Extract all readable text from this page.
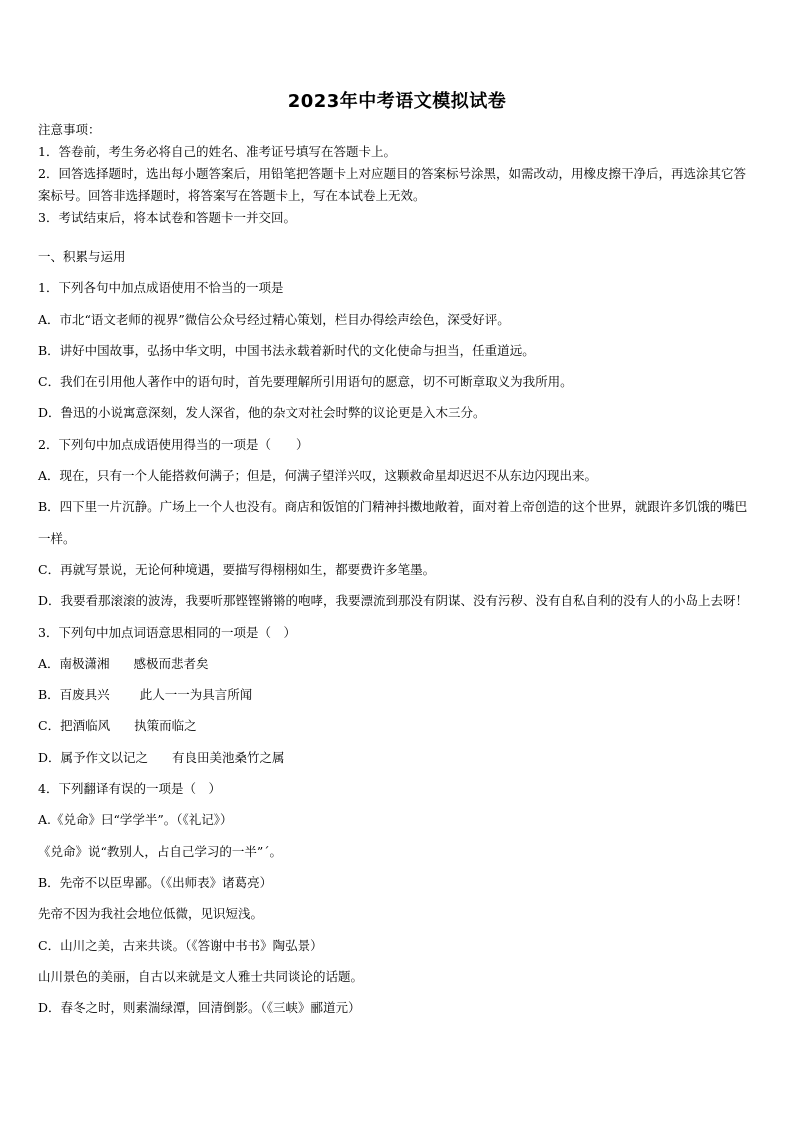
2023年中考语文模拟试卷
注意事项：
1．答卷前，考生务必将自己的姓名、准考证号填写在答题卡上。
2．回答选择题时，选出每小题答案后，用铅笔把答题卡上对应题目的答案标号涂黑，如需改动，用橡皮擦干净后，再选涂其它答案标号。回答非选择题时，将答案写在答题卡上，写在本试卷上无效。
3．考试结束后，将本试卷和答题卡一并交回。
一、积累与运用
1．下列各句中加点成语使用不恰当的一项是
A．市北“语文老师的视界”微信公众号经过精心策划，栏目办得绘声绘色，深受好评。
B．讲好中国故事，弘扬中华文明，中国书法永载着新时代的文化使命与担当，任重道远。
C．我们在引用他人著作中的语句时，首先要理解所引用语句的愿意，切不可断章取义为我所用。
D．鲁迅的小说寓意深刻，发人深省，他的杂文对社会时弊的议论更是入木三分。
2．下列句中加点成语使用得当的一项是（　　）
A．现在，只有一个人能搭救何满子；但是，何满子望洋兴叹，这颗救命星却迟迟不从东边闪现出来。
B．四下里一片沉静。广场上一个人也没有。商店和饭馆的门精神抖擞地敞着，面对着上帝创造的这个世界，就跟许多饥饿的嘴巴一样。
C．再就写景说，无论何种境遇，要描写得栩栩如生，都要费许多笔墨。
D．我要看那滚滚的波涛，我要听那铿铿锵锵的咆哮，我要漂流到那没有阴谋、没有污秽、没有自私自利的没有人的小岛上去呀！
3．下列句中加点词语意思相同的一项是（　）
A．南极潇湘 感极而悲者矣
B．百废具兴 此人一一为具言所闻
C．把酒临风 执策而临之
D．属予作文以记之 有良田美池桑竹之属
4．下列翻译有误的一项是（　）
A.《兑命》曰“学学半”。（《礼记》）
《兑命》说“教别人，占自己学习的一半”ˊ。
B．先帝不以臣卑鄙。（《出师表》诸葛亮）
先帝不因为我社会地位低微，见识短浅。
C．山川之美，古来共谈。（《答谢中书书》陶弘景）
山川景色的美丽，自古以来就是文人雅士共同谈论的话题。
D．春冬之时，则素湍绿潭，回清倒影。（《三峡》郦道元）
